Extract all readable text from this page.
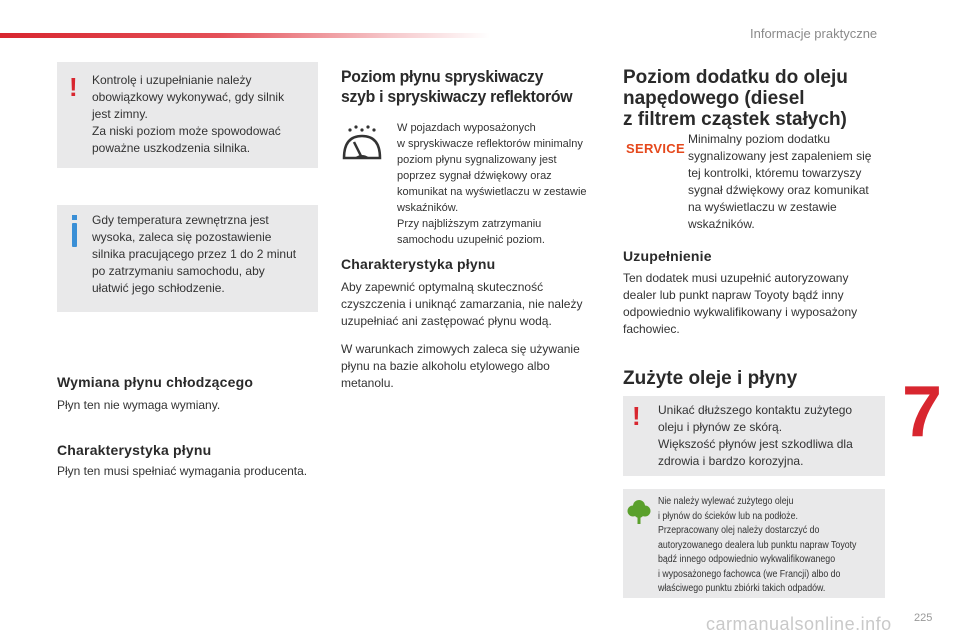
Informacje praktyczne
! Kontrolę i uzupełnianie należy
obowiązkowy wykonywać, gdy silnik
jest zimny.
Za niski poziom może spowodować
poważne uszkodzenia silnika.
Gdy temperatura zewnętrzna jest
wysoka, zaleca się pozostawienie
silnika pracującego przez 1 do 2 minut
po zatrzymaniu samochodu, aby
ułatwić jego schłodzenie.
Wymiana płynu chłodzącego

Płyn ten nie wymaga wymiany.

Charakterystyka płynu

Płyn ten musi spełniać wymagania producenta.

Poziom płynu spryskiwaczy
szyb i spryskiwaczy reflektorów

W pojazdach wyposażonych
w spryskiwacze reflektorów minimalny
poziom płynu sygnalizowany jest
poprzez sygnał dźwiękowy oraz
komunikat na wyświetlaczu w zestawie
wskaźników.
Przy najbliższym zatrzymaniu
samochodu uzupełnić poziom.

Charakterystyka płynu

Aby zapewnić optymalną skuteczność
czyszczenia i uniknąć zamarzania, nie należy
uzupełniać ani zastępować płynu wodą.

W warunkach zimowych zaleca się używanie
płynu na bazie alkoholu etylowego albo
metanolu.

Poziom dodatku do oleju
napędowego (diesel
z filtrem cząstek stałych)
SERVICE

Minimalny poziom dodatku
sygnalizowany jest zapaleniem się
tej kontrolki, któremu towarzyszy
sygnał dźwiękowy oraz komunikat
na wyświetlaczu w zestawie
wskaźników.

Uzupełnienie

Ten dodatek musi uzupełnić autoryzowany
dealer lub punkt napraw Toyoty bądź inny
odpowiednio wykwalifikowany i wyposażony
fachowiec.

Zużyte oleje i płyny
! Unikać dłuższego kontaktu zużytego
oleju i płynów ze skórą.
Większość płynów jest szkodliwa dla
zdrowia i bardzo korozyjna.
Nie należy wylewać zużytego oleju
i płynów do ścieków lub na podłoże.
Przepracowany olej należy dostarczyć do
autoryzowanego dealera lub punktu napraw Toyoty
bądź innego odpowiednio wykwalifikowanego
i wyposażonego fachowca (we Francji) albo do
właściwego punktu zbiórki takich odpadów.
7
carmanualsonline.info 225
